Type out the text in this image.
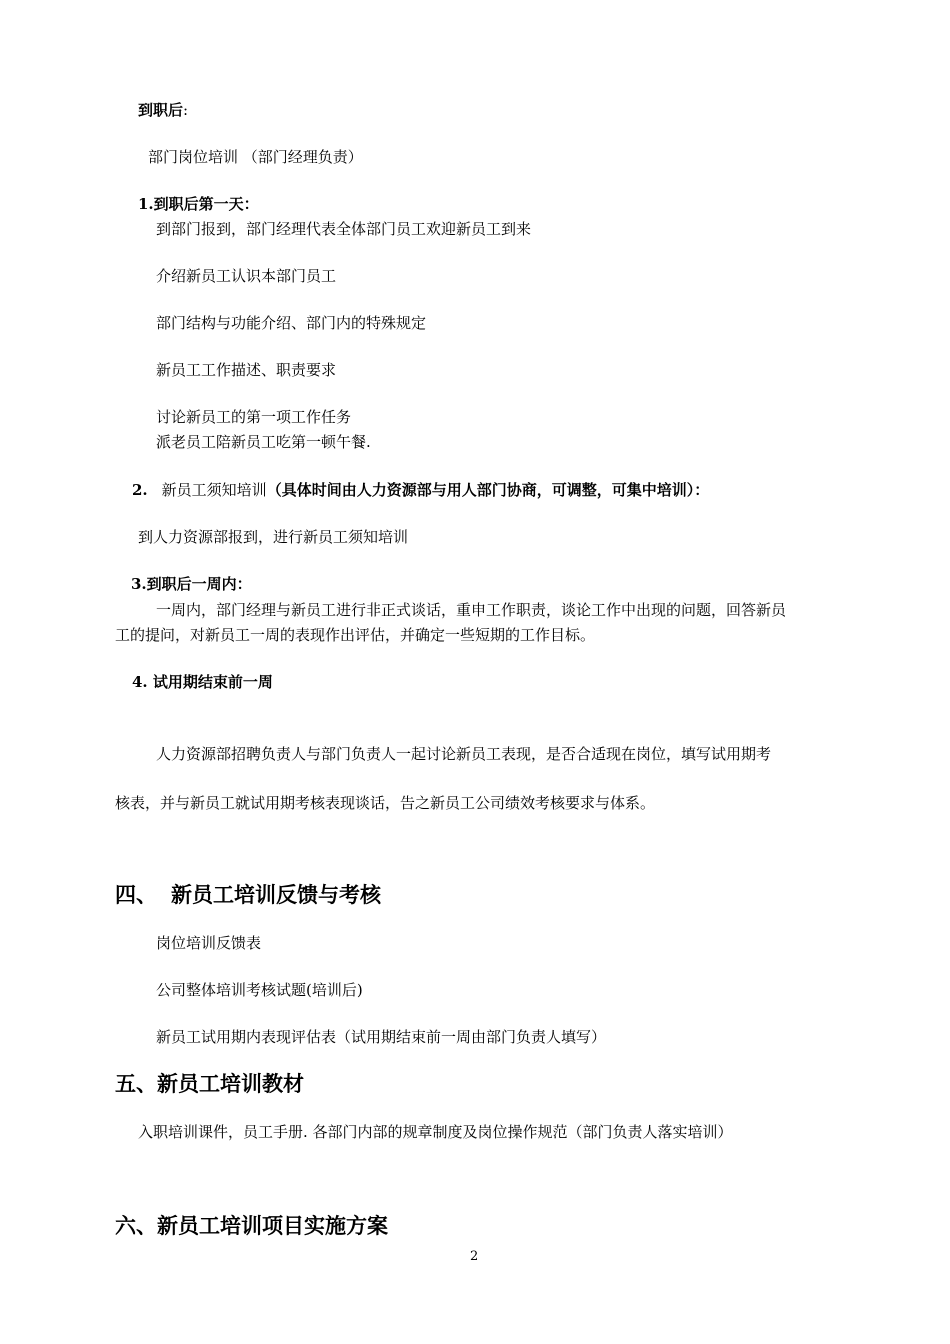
到职后:
部门岗位培训 （部门经理负责）
1.到职后第一天：
到部门报到，部门经理代表全体部门员工欢迎新员工到来
介绍新员工认识本部门员工
部门结构与功能介绍、部门内的特殊规定
新员工工作描述、职责要求
讨论新员工的第一项工作任务
派老员工陪新员工吃第一顿午餐.
2. 新员工须知培训（具体时间由人力资源部与用人部门协商，可调整，可集中培训）：
到人力资源部报到，进行新员工须知培训
3.到职后一周内：
一周内，部门经理与新员工进行非正式谈话，重申工作职责，谈论工作中出现的问题，回答新员
工的提问，对新员工一周的表现作出评估，并确定一些短期的工作目标。
4. 试用期结束前一周
人力资源部招聘负责人与部门负责人一起讨论新员工表现，是否合适现在岗位，填写试用期考
核表，并与新员工就试用期考核表现谈话，告之新员工公司绩效考核要求与体系。
四、 新员工培训反馈与考核
岗位培训反馈表
公司整体培训考核试题(培训后)
新员工试用期内表现评估表（试用期结束前一周由部门负责人填写）
五、新员工培训教材
入职培训课件，员工手册. 各部门内部的规章制度及岗位操作规范（部门负责人落实培训）
六、新员工培训项目实施方案
2
